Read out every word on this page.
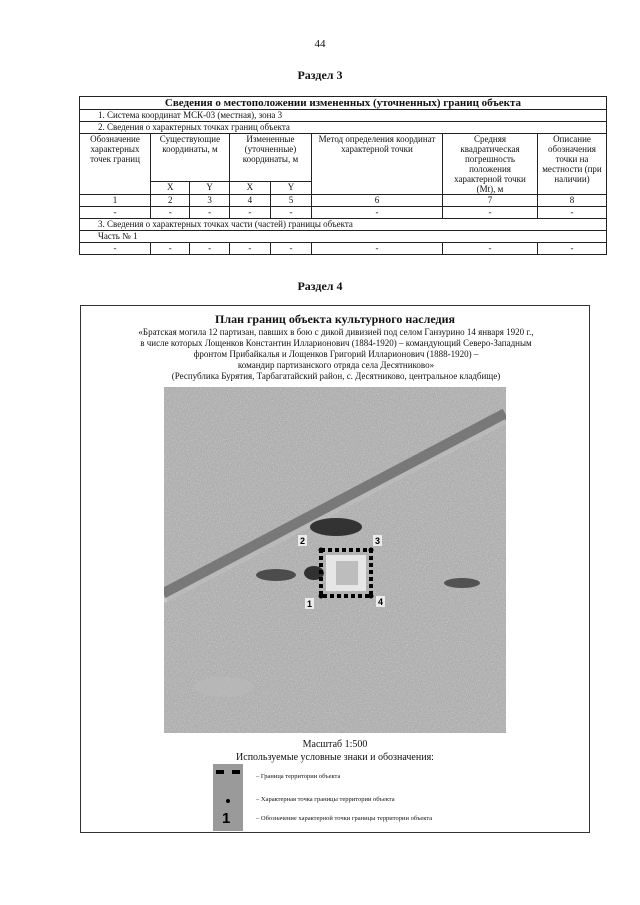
44
Раздел 3
Сведения о местоположении измененных (уточненных) границ объекта							
1. Система координат МСК-03 (местная), зона 3							
2. Сведения о характерных точках границ объекта							
Обозначение характерных точек границ	Существующие координаты, м		Измененные (уточненные) координаты, м		Метод определения координат характерной точки	Средняя квадратическая погрешность положения характерной точки (Mt), м	Описание обозначения точки на местности (при наличии)
	X	Y	X	Y			
1	2	3	4	5	6	7	8
-	-	-	-	-	-	-	-
3. Сведения о характерных точках части (частей) границы объекта							
Часть № 1							
-	-	-	-	-	-	-	-
Раздел 4
План границ объекта культурного наследия
«Братская могила 12 партизан, павших в бою с дикой дивизией под селом Ганзурино 14 января 1920 г.,
в числе которых Лощенков Константин Илларионович (1884-1920) – командующий Северо-Западным
фронтом Прибайкалья и Лощенков Григорий Илларионович (1888-1920) –
командир партизанского отряда села Десятниково»
(Республика Бурятия, Тарбагатайский район, с. Десятниково, центральное кладбище)
1
2	3
4
Масштаб 1:500
Используемые условные знаки и обозначения:
– Граница территории объекта
– Характерная точка границы территории объекта
1	– Обозначение характерной точки границы территории объекта
